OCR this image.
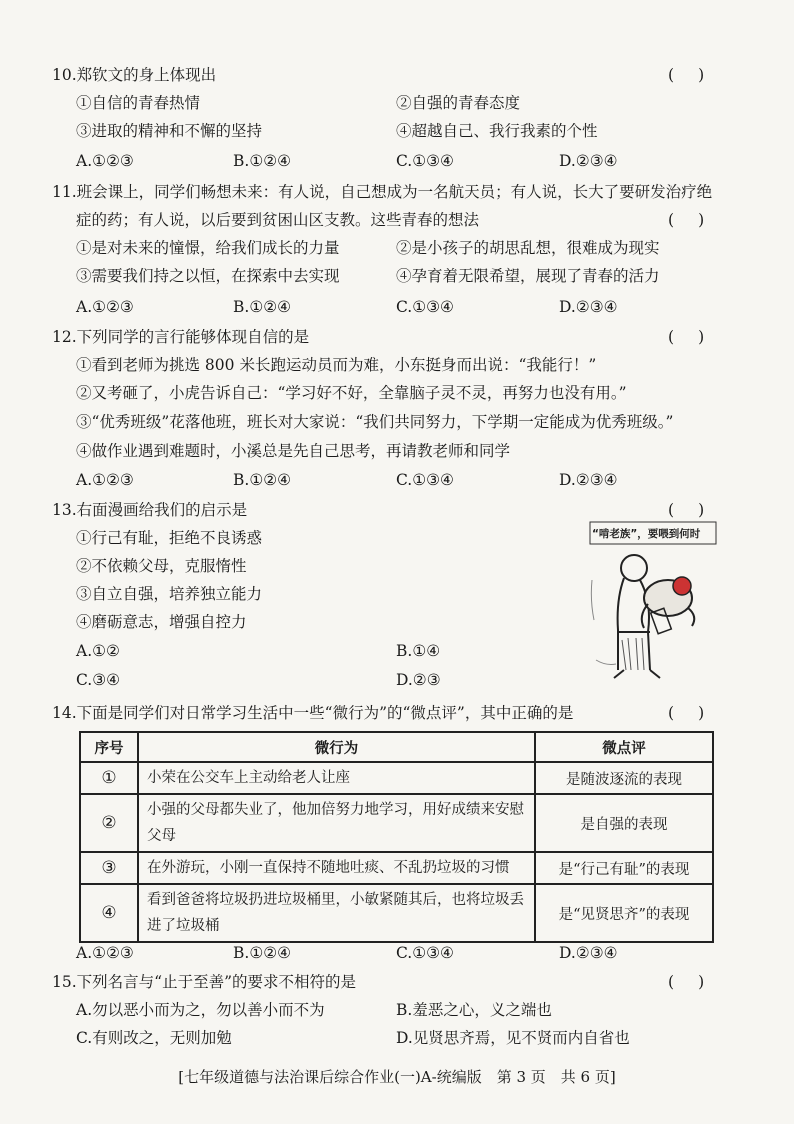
10.郑钦文的身上体现出
( )
①自信的青春热情	②自强的青春态度
③进取的精神和不懈的坚持	④超越自己、我行我素的个性
A.①②③	B.①②④	C.①③④	D.②③④
11.班会课上，同学们畅想未来：有人说，自己想成为一名航天员；有人说，长大了要研发治疗绝
症的药；有人说，以后要到贫困山区支教。这些青春的想法
( )
①是对未来的憧憬，给我们成长的力量	②是小孩子的胡思乱想，很难成为现实
③需要我们持之以恒，在探索中去实现	④孕育着无限希望，展现了青春的活力
A.①②③	B.①②④	C.①③④	D.②③④
12.下列同学的言行能够体现自信的是
( )
①看到老师为挑选 800 米长跑运动员而为难，小东挺身而出说：“我能行！”
②又考砸了，小虎告诉自己：“学习好不好，全靠脑子灵不灵，再努力也没有用。”
③“优秀班级”花落他班，班长对大家说：“我们共同努力，下学期一定能成为优秀班级。”
④做作业遇到难题时，小溪总是先自己思考，再请教老师和同学
A.①②③	B.①②④	C.①③④	D.②③④
13.右面漫画给我们的启示是
( )
①行己有耻，拒绝不良诱惑
②不依赖父母，克服惰性
③自立自强，培养独立能力
④磨砺意志，增强自控力
A.①②	B.①④
C.③④	D.②③
“啃老族”，要喂到何时
14.下面是同学们对日常学习生活中一些“微行为”的“微点评”，其中正确的是
( )
序号	微行为	微点评
①	小荣在公交车上主动给老人让座	是随波逐流的表现
②	小强的父母都失业了，他加倍努力地学习，用好成绩来安慰父母	是自强的表现
③	在外游玩，小刚一直保持不随地吐痰、不乱扔垃圾的习惯	是“行己有耻”的表现
④	看到爸爸将垃圾扔进垃圾桶里，小敏紧随其后，也将垃圾丢进了垃圾桶	是“见贤思齐”的表现
A.①②③	B.①②④	C.①③④	D.②③④
15.下列名言与“止于至善”的要求不相符的是
( )
A.勿以恶小而为之，勿以善小而不为	B.羞恶之心，义之端也
C.有则改之，无则加勉	D.见贤思齐焉，见不贤而内自省也
[七年级道德与法治课后综合作业(一)A-统编版　第 3 页　共 6 页]
